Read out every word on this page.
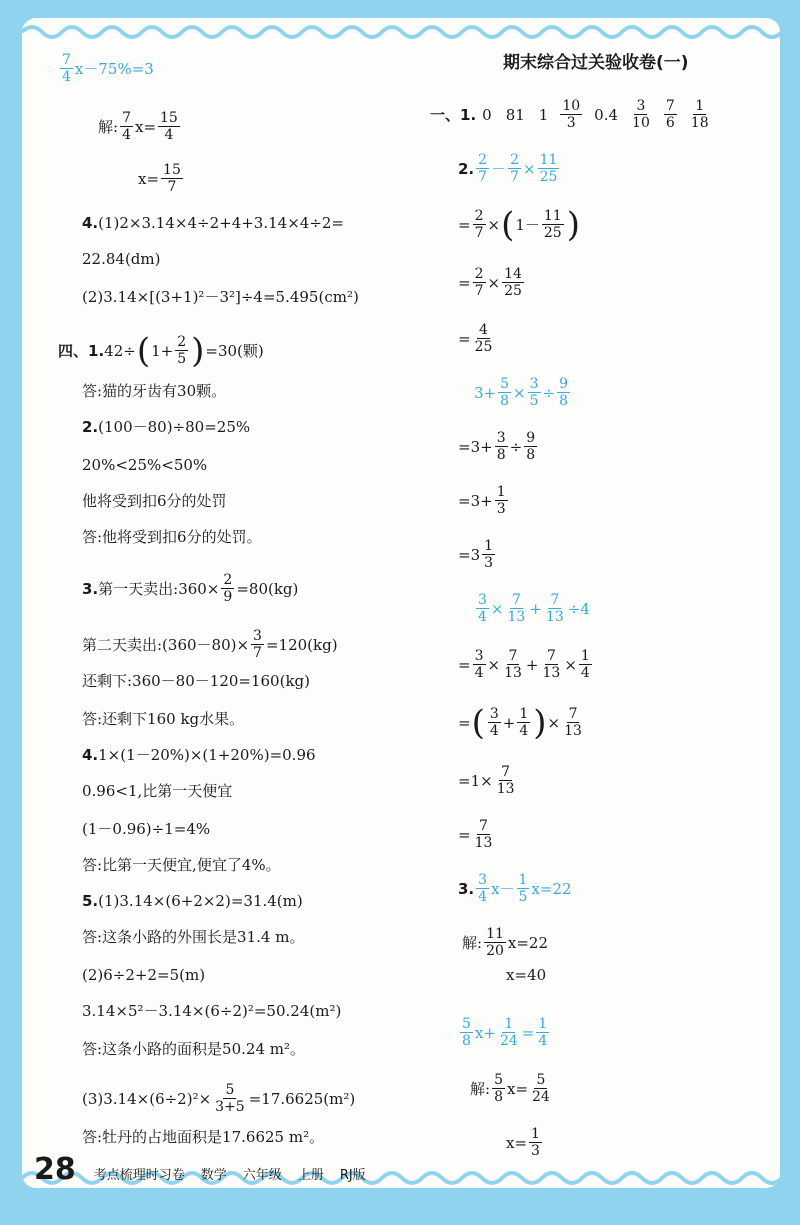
$\frac{7}{4} x-75\%=3$
解: $\frac{7}{4} x= \frac{15}{4}$
$x= \frac{15}{7}$
4. (1)2×3.14×4÷2+4+3.14×4÷2=
22.84(dm)
(2)3.14×[(3+1)²－3²]÷4=5.495(cm²)
四、 1. 42÷ ( $1+ \frac{2}{5}$ ) =30(颗)
答:猫的牙齿有30颗。
2. (100－80)÷80=25%
20%<25%<50%
他将受到扣6分的处罚
答:他将受到扣6分的处罚。
3. 第一天卖出:360× $\frac{2}{9} =80(kg)$
第二天卖出:(360－80)× $\frac{3}{7} =120(kg)$
还剩下:360－80－120=160(kg)
答:还剩下160 kg水果。
4. 1×(1－20%)×(1+20%)=0.96
0.96<1,比第一天便宜
(1－0.96)÷1=4%
答:比第一天便宜,便宜了4%。
5. (1)3.14×(6+2×2)=31.4(m)
答:这条小路的外围长是31.4 m。
(2)6÷2+2=5(m)
3.14×5²－3.14×(6÷2)²=50.24(m²)
答:这条小路的面积是50.24 m²。
$(3)3.14\times(6\div 2)^2\times \frac{5}{3+5} =17.6625(m^2)$
答:牡丹的占地面积是17.6625 m²。
期末综合过关验收卷(一)
一、 1. 0 81 $1 \frac{10}{3} 0.4 \frac{3}{10} \frac{7}{6} \frac{1}{18}$
2. $\frac{2}{7} - \frac{2}{7} \times \frac{11}{25}$
= $\frac{2}{7}$ × ( $1- \frac{11}{25}$ )
= $\frac{2}{7} \times \frac{14}{25}$
= $\frac{4}{25}$
$3+ \frac{5}{8} \times \frac{3}{5} \div \frac{9}{8}$
$=3+ \frac{3}{8} \div \frac{9}{8}$
$=3+ \frac{1}{3}$
$=3 \frac{1}{3}$
$\frac{3}{4} \times \frac{7}{13} + \frac{7}{13} \div 4$
= $\frac{3}{4} \times \frac{7}{13} + \frac{7}{13} \times \frac{1}{4}$
= ( $\frac{3}{4} + \frac{1}{4}$ ) × $\frac{7}{13}$
$=1\times \frac{7}{13}$
= $\frac{7}{13}$
3. $\frac{3}{4} x- \frac{1}{5} x=22$
解: $\frac{11}{20} x=22$
x=40
$\frac{5}{8} x+ \frac{1}{24} = \frac{1}{4}$
解: $\frac{5}{8} x= \frac{5}{24}$
$x= \frac{1}{3}$
28 考点梳理时习卷 数学 六年级 上册 RJ版
